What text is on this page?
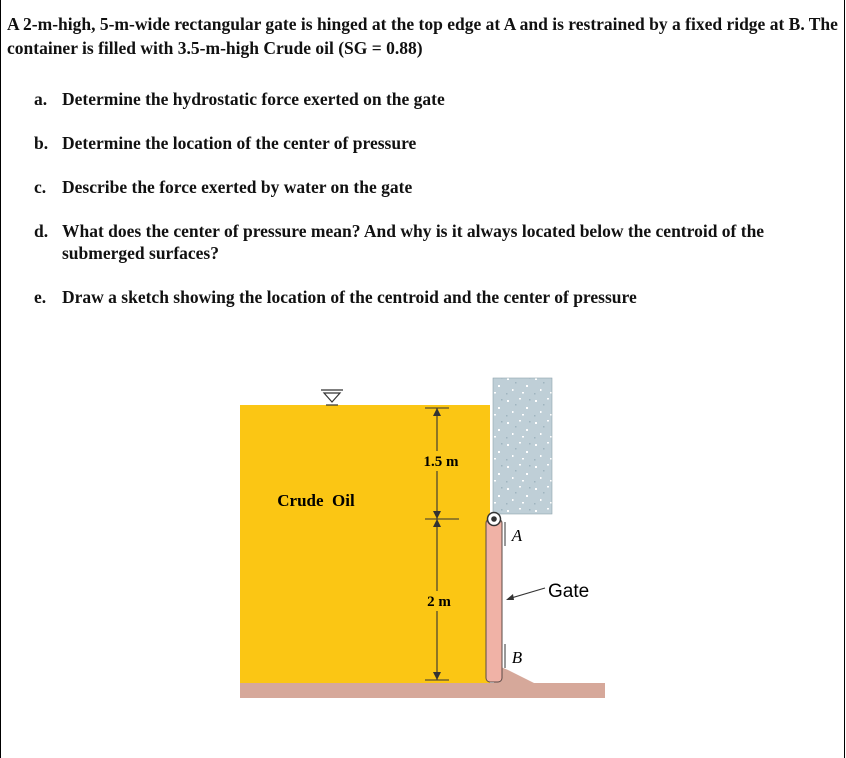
A 2-m-high, 5-m-wide rectangular gate is hinged at the top edge at A and is restrained by a fixed ridge at B. The container is filled with 3.5-m-high Crude oil (SG = 0.88)

a. Determine the hydrostatic force exerted on the gate
b. Determine the location of the center of pressure
c. Describe the force exerted by water on the gate
d. What does the center of pressure mean? And why is it always located below the centroid of the submerged surfaces?
e. Draw a sketch showing the location of the centroid and the center of pressure
1.5 m
2 m
Crude  Oil
A
B
Gate
